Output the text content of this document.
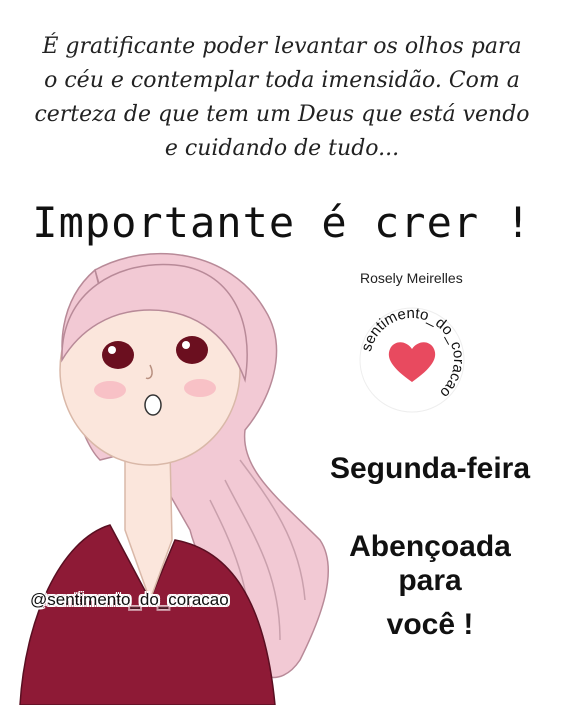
É gratificante poder levantar os olhos para
o céu e contemplar toda imensidão. Com a
certeza de que tem um Deus que está vendo
e cuidando de tudo...
Importante é crer !
Rosely Meirelles
sentimento_do_coracao
@sentimento_do_coracao
Segunda-feira
Abençoada para
você !
